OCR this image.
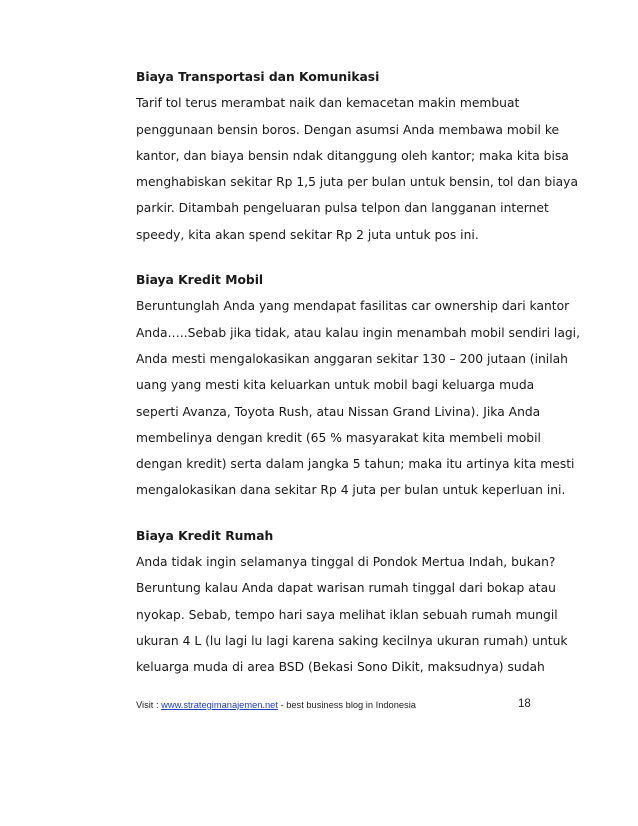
Biaya Transportasi dan Komunikasi

Tarif tol terus merambat naik dan kemacetan makin membuat

penggunaan bensin boros. Dengan asumsi Anda membawa mobil ke

kantor, dan biaya bensin ndak ditanggung oleh kantor; maka kita bisa

menghabiskan sekitar Rp 1,5 juta per bulan untuk bensin, tol dan biaya

parkir. Ditambah pengeluaran pulsa telpon dan langganan internet

speedy, kita akan spend sekitar Rp 2 juta untuk pos ini.

Biaya Kredit Mobil

Beruntunglah Anda yang mendapat fasilitas car ownership dari kantor

Anda…..Sebab jika tidak, atau kalau ingin menambah mobil sendiri lagi,

Anda mesti mengalokasikan anggaran sekitar 130 – 200 jutaan (inilah

uang yang mesti kita keluarkan untuk mobil bagi keluarga muda

seperti Avanza, Toyota Rush, atau Nissan Grand Livina). Jika Anda

membelinya dengan kredit (65 % masyarakat kita membeli mobil

dengan kredit) serta dalam jangka 5 tahun; maka itu artinya kita mesti

mengalokasikan dana sekitar Rp 4 juta per bulan untuk keperluan ini.

Biaya Kredit Rumah

Anda tidak ingin selamanya tinggal di Pondok Mertua Indah, bukan?

Beruntung kalau Anda dapat warisan rumah tinggal dari bokap atau

nyokap. Sebab, tempo hari saya melihat iklan sebuah rumah mungil

ukuran 4 L (lu lagi lu lagi karena saking kecilnya ukuran rumah) untuk

keluarga muda di area BSD (Bekasi Sono Dikit, maksudnya) sudah

Visit : www.strategimanajemen.net - best business blog in Indonesia	18
